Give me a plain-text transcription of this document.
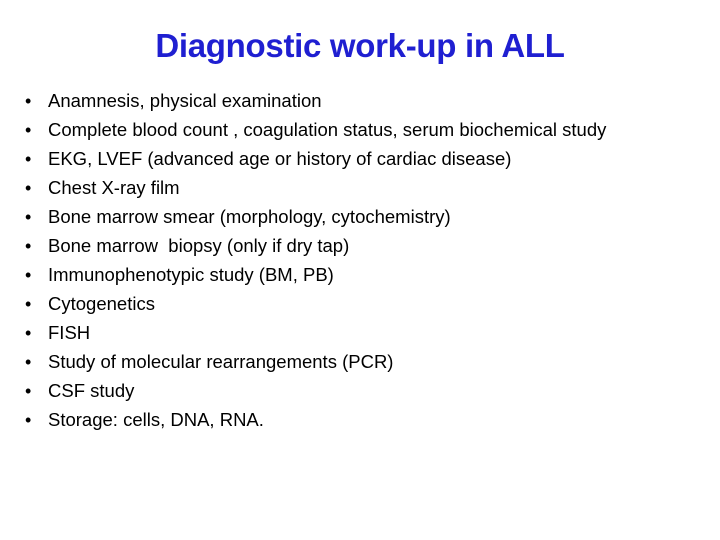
Diagnostic work-up in ALL
• Anamnesis, physical examination
• Complete blood count , coagulation status, serum biochemical study
• EKG, LVEF (advanced age or history of cardiac disease)
• Chest X-ray film
• Bone marrow smear (morphology, cytochemistry)
• Bone marrow  biopsy (only if dry tap)
• Immunophenotypic study (BM, PB)
• Cytogenetics
• FISH
• Study of molecular rearrangements (PCR)
• CSF study
• Storage: cells, DNA, RNA.
